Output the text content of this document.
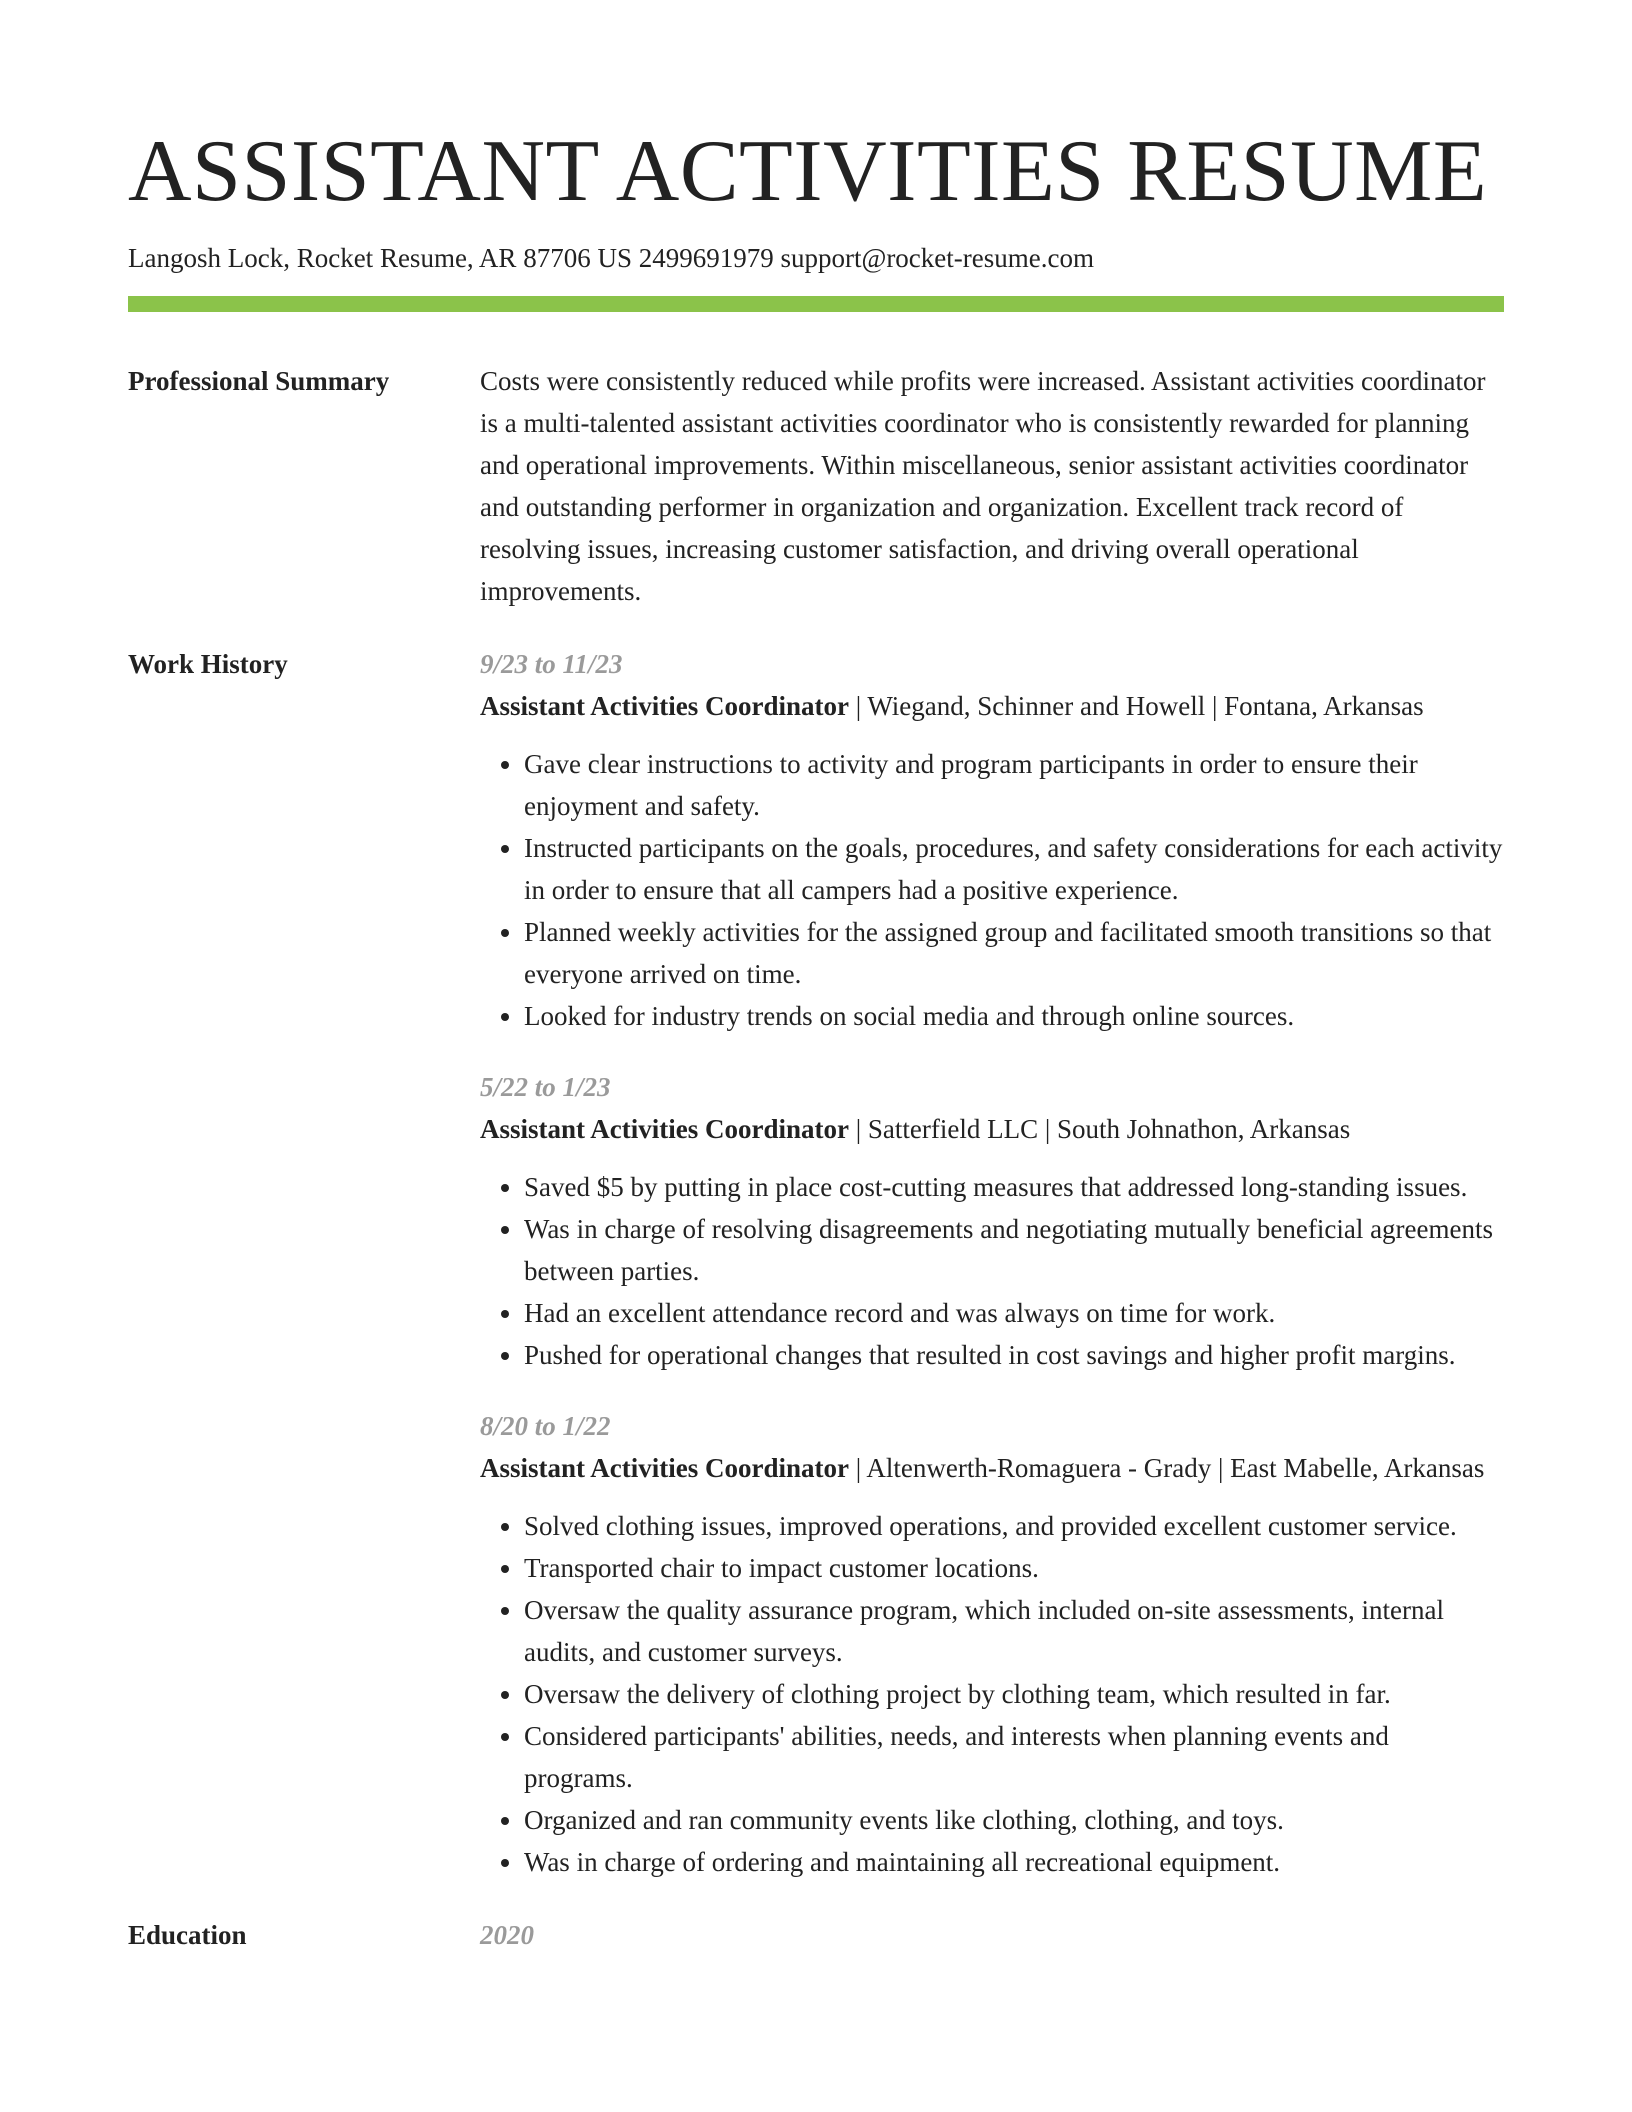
ASSISTANT ACTIVITIES RESUME
Langosh Lock, Rocket Resume, AR 87706 US 2499691979 support@rocket-resume.com
Professional Summary	Costs were consistently reduced while profits were increased. Assistant activities coordinator is a multi-talented assistant activities coordinator who is consistently rewarded for planning and operational improvements. Within miscellaneous, senior assistant activities coordinator and outstanding performer in organization and organization. Excellent track record of resolving issues, increasing customer satisfaction, and driving overall operational improvements.
Work History	9/23 to 11/23
Assistant Activities Coordinator | Wiegand, Schinner and Howell | Fontana, Arkansas
• Gave clear instructions to activity and program participants in order to ensure their enjoyment and safety.
• Instructed participants on the goals, procedures, and safety considerations for each activity in order to ensure that all campers had a positive experience.
• Planned weekly activities for the assigned group and facilitated smooth transitions so that everyone arrived on time.
• Looked for industry trends on social media and through online sources.
5/22 to 1/23
Assistant Activities Coordinator | Satterfield LLC | South Johnathon, Arkansas
• Saved $5 by putting in place cost-cutting measures that addressed long-standing issues.
• Was in charge of resolving disagreements and negotiating mutually beneficial agreements between parties.
• Had an excellent attendance record and was always on time for work.
• Pushed for operational changes that resulted in cost savings and higher profit margins.
8/20 to 1/22
Assistant Activities Coordinator | Altenwerth-Romaguera - Grady | East Mabelle, Arkansas
• Solved clothing issues, improved operations, and provided excellent customer service.
• Transported chair to impact customer locations.
• Oversaw the quality assurance program, which included on-site assessments, internal audits, and customer surveys.
• Oversaw the delivery of clothing project by clothing team, which resulted in far.
• Considered participants' abilities, needs, and interests when planning events and programs.
• Organized and ran community events like clothing, clothing, and toys.
• Was in charge of ordering and maintaining all recreational equipment.
Education	2020
